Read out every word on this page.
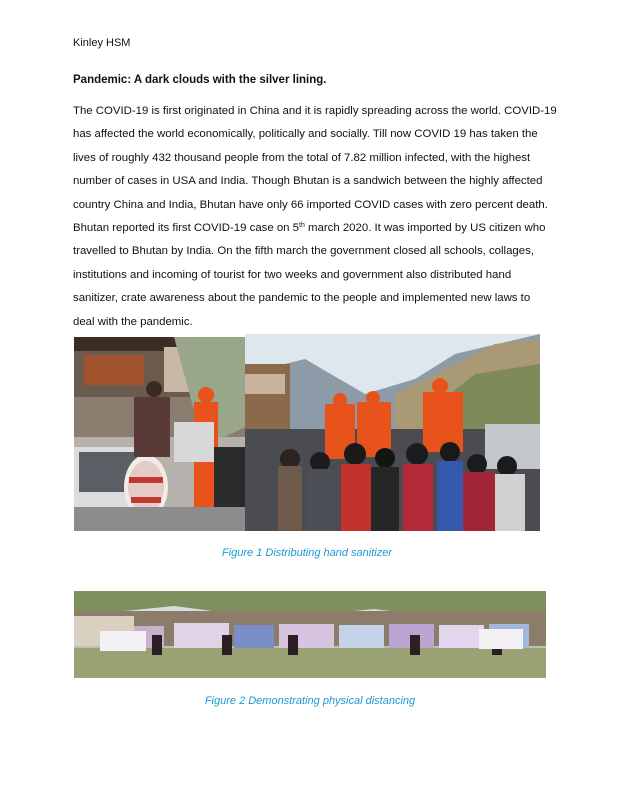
Kinley HSM
Pandemic: A dark clouds with the silver lining.

The COVID-19 is first originated in China and it is rapidly spreading across the world. COVID-19

has affected the world economically, politically and socially. Till now COVID 19 has taken the

lives of roughly 432 thousand people from the total of 7.82 million infected, with the highest

number of cases in USA and India. Though Bhutan is a sandwich between the highly affected

country China and India, Bhutan have only 66 imported COVID cases with zero percent death.

Bhutan reported its first COVID-19 case on 5th march 2020. It was imported by US citizen who

travelled to Bhutan by India. On the fifth march the government closed all schools, collages,

institutions and incoming of tourist for two weeks and government also distributed hand

sanitizer, crate awareness about the pandemic to the people and implemented new laws to

deal with the pandemic.

Figure 1 Distributing hand sanitizer
Figure 2 Demonstrating physical distancing
